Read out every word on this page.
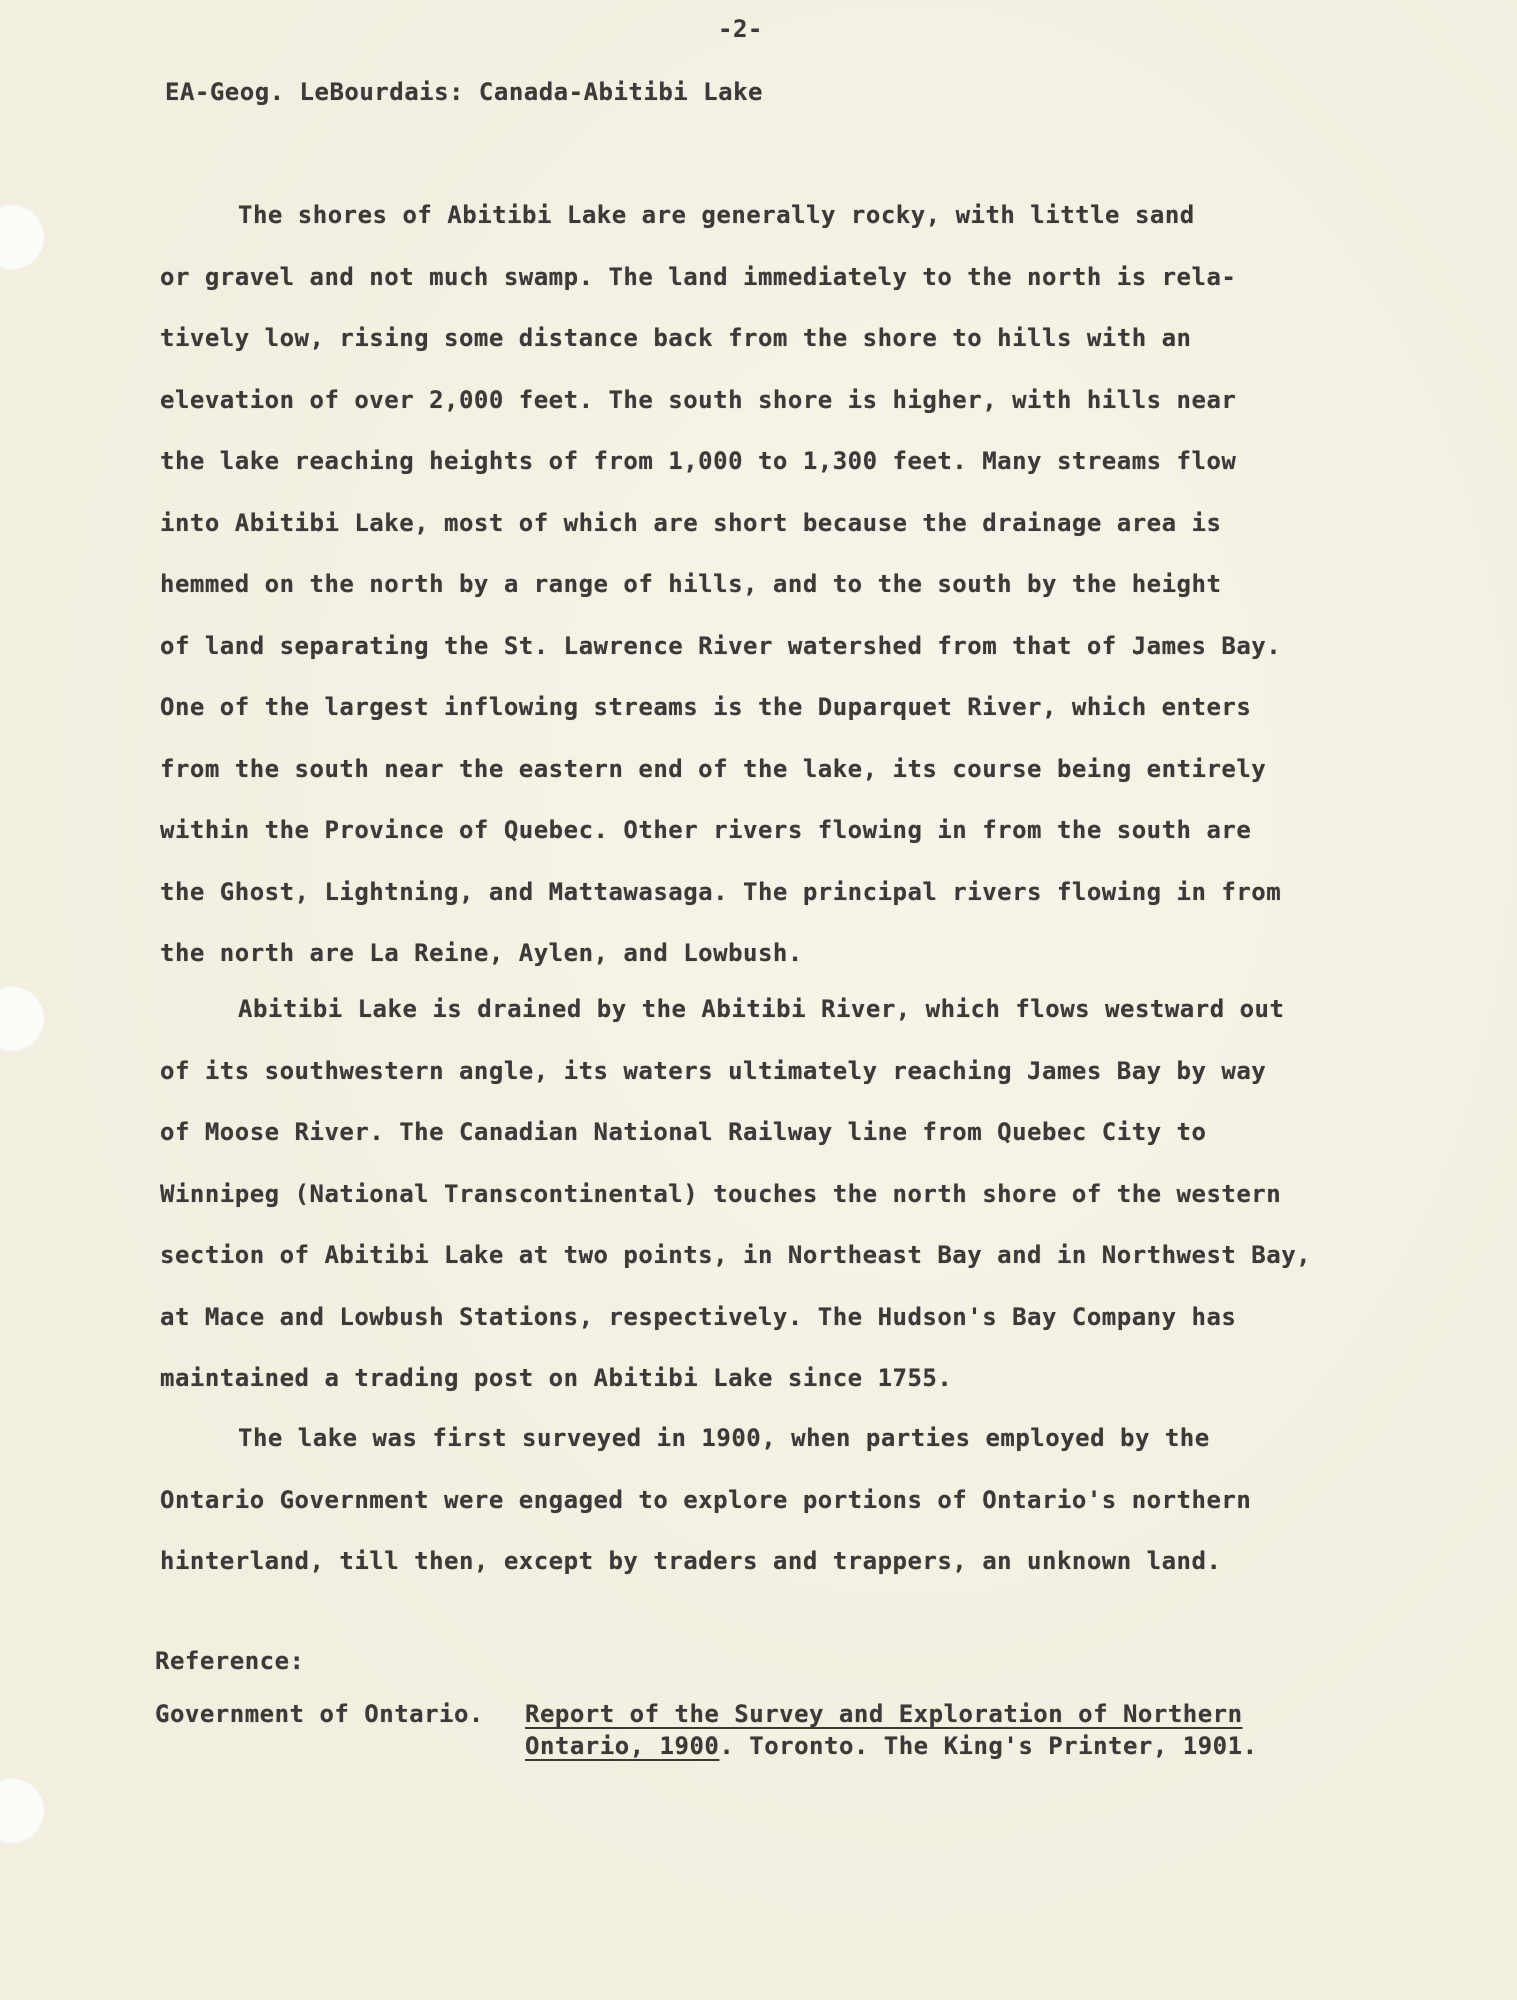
-2-
EA-Geog. LeBourdais: Canada-Abitibi Lake
The shores of Abitibi Lake are generally rocky, with little sand
or gravel and not much swamp. The land immediately to the north is rela-
tively low, rising some distance back from the shore to hills with an
elevation of over 2,000 feet. The south shore is higher, with hills near
the lake reaching heights of from 1,000 to 1,300 feet. Many streams flow
into Abitibi Lake, most of which are short because the drainage area is
hemmed on the north by a range of hills, and to the south by the height
of land separating the St. Lawrence River watershed from that of James Bay.
One of the largest inflowing streams is the Duparquet River, which enters
from the south near the eastern end of the lake, its course being entirely
within the Province of Quebec. Other rivers flowing in from the south are
the Ghost, Lightning, and Mattawasaga. The principal rivers flowing in from
the north are La Reine, Aylen, and Lowbush.
Abitibi Lake is drained by the Abitibi River, which flows westward out
of its southwestern angle, its waters ultimately reaching James Bay by way
of Moose River. The Canadian National Railway line from Quebec City to
Winnipeg (National Transcontinental) touches the north shore of the western
section of Abitibi Lake at two points, in Northeast Bay and in Northwest Bay,
at Mace and Lowbush Stations, respectively. The Hudson's Bay Company has
maintained a trading post on Abitibi Lake since 1755.
The lake was first surveyed in 1900, when parties employed by the
Ontario Government were engaged to explore portions of Ontario's northern
hinterland, till then, except by traders and trappers, an unknown land.
Reference:
Government of Ontario. Report of the Survey and Exploration of Northern
Ontario, 1900. Toronto. The King's Printer, 1901.
